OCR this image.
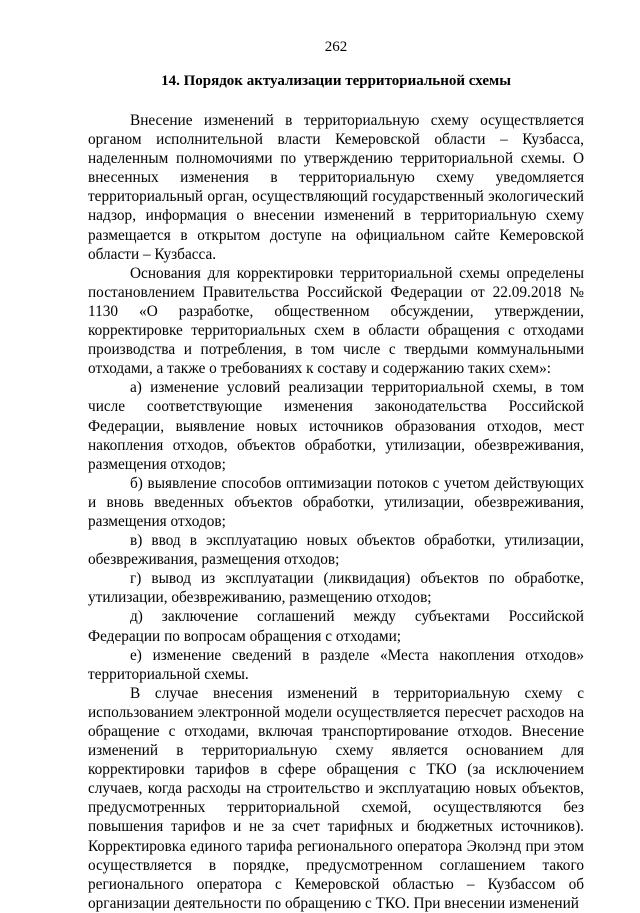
262
14. Порядок актуализации территориальной схемы

Внесение изменений в территориальную схему осуществляется органом исполнительной власти Кемеровской области – Кузбасса, наделенным полномочиями по утверждению территориальной схемы. О внесенных изменения в территориальную схему уведомляется территориальный орган, осуществляющий государственный экологический надзор, информация о внесении изменений в территориальную схему размещается в открытом доступе на официальном сайте Кемеровской области – Кузбасса.

Основания для корректировки территориальной схемы определены постановлением Правительства Российской Федерации от 22.09.2018 № 1130 «О разработке, общественном обсуждении, утверждении, корректировке территориальных схем в области обращения с отходами производства и потребления, в том числе с твердыми коммунальными отходами, а также о требованиях к составу и содержанию таких схем»:

а) изменение условий реализации территориальной схемы, в том числе соответствующие изменения законодательства Российской Федерации, выявление новых источников образования отходов, мест накопления отходов, объектов обработки, утилизации, обезвреживания, размещения отходов;

б) выявление способов оптимизации потоков с учетом действующих и вновь введенных объектов обработки, утилизации, обезвреживания, размещения отходов;

в) ввод в эксплуатацию новых объектов обработки, утилизации, обезвреживания, размещения отходов;

г) вывод из эксплуатации (ликвидация) объектов по обработке, утилизации, обезвреживанию, размещению отходов;

д) заключение соглашений между субъектами Российской Федерации по вопросам обращения с отходами;

е) изменение сведений в разделе «Места накопления отходов» территориальной схемы.

В случае внесения изменений в территориальную схему с использованием электронной модели осуществляется пересчет расходов на обращение с отходами, включая транспортирование отходов. Внесение изменений в территориальную схему является основанием для корректировки тарифов в сфере обращения с ТКО (за исключением случаев, когда расходы на строительство и эксплуатацию новых объектов, предусмотренных территориальной схемой, осуществляются без повышения тарифов и не за счет тарифных и бюджетных источников). Корректировка единого тарифа регионального оператора Эколэнд при этом осуществляется в порядке, предусмотренном соглашением такого регионального оператора с Кемеровской областью – Кузбассом об организации деятельности по обращению с ТКО. При внесении изменений
